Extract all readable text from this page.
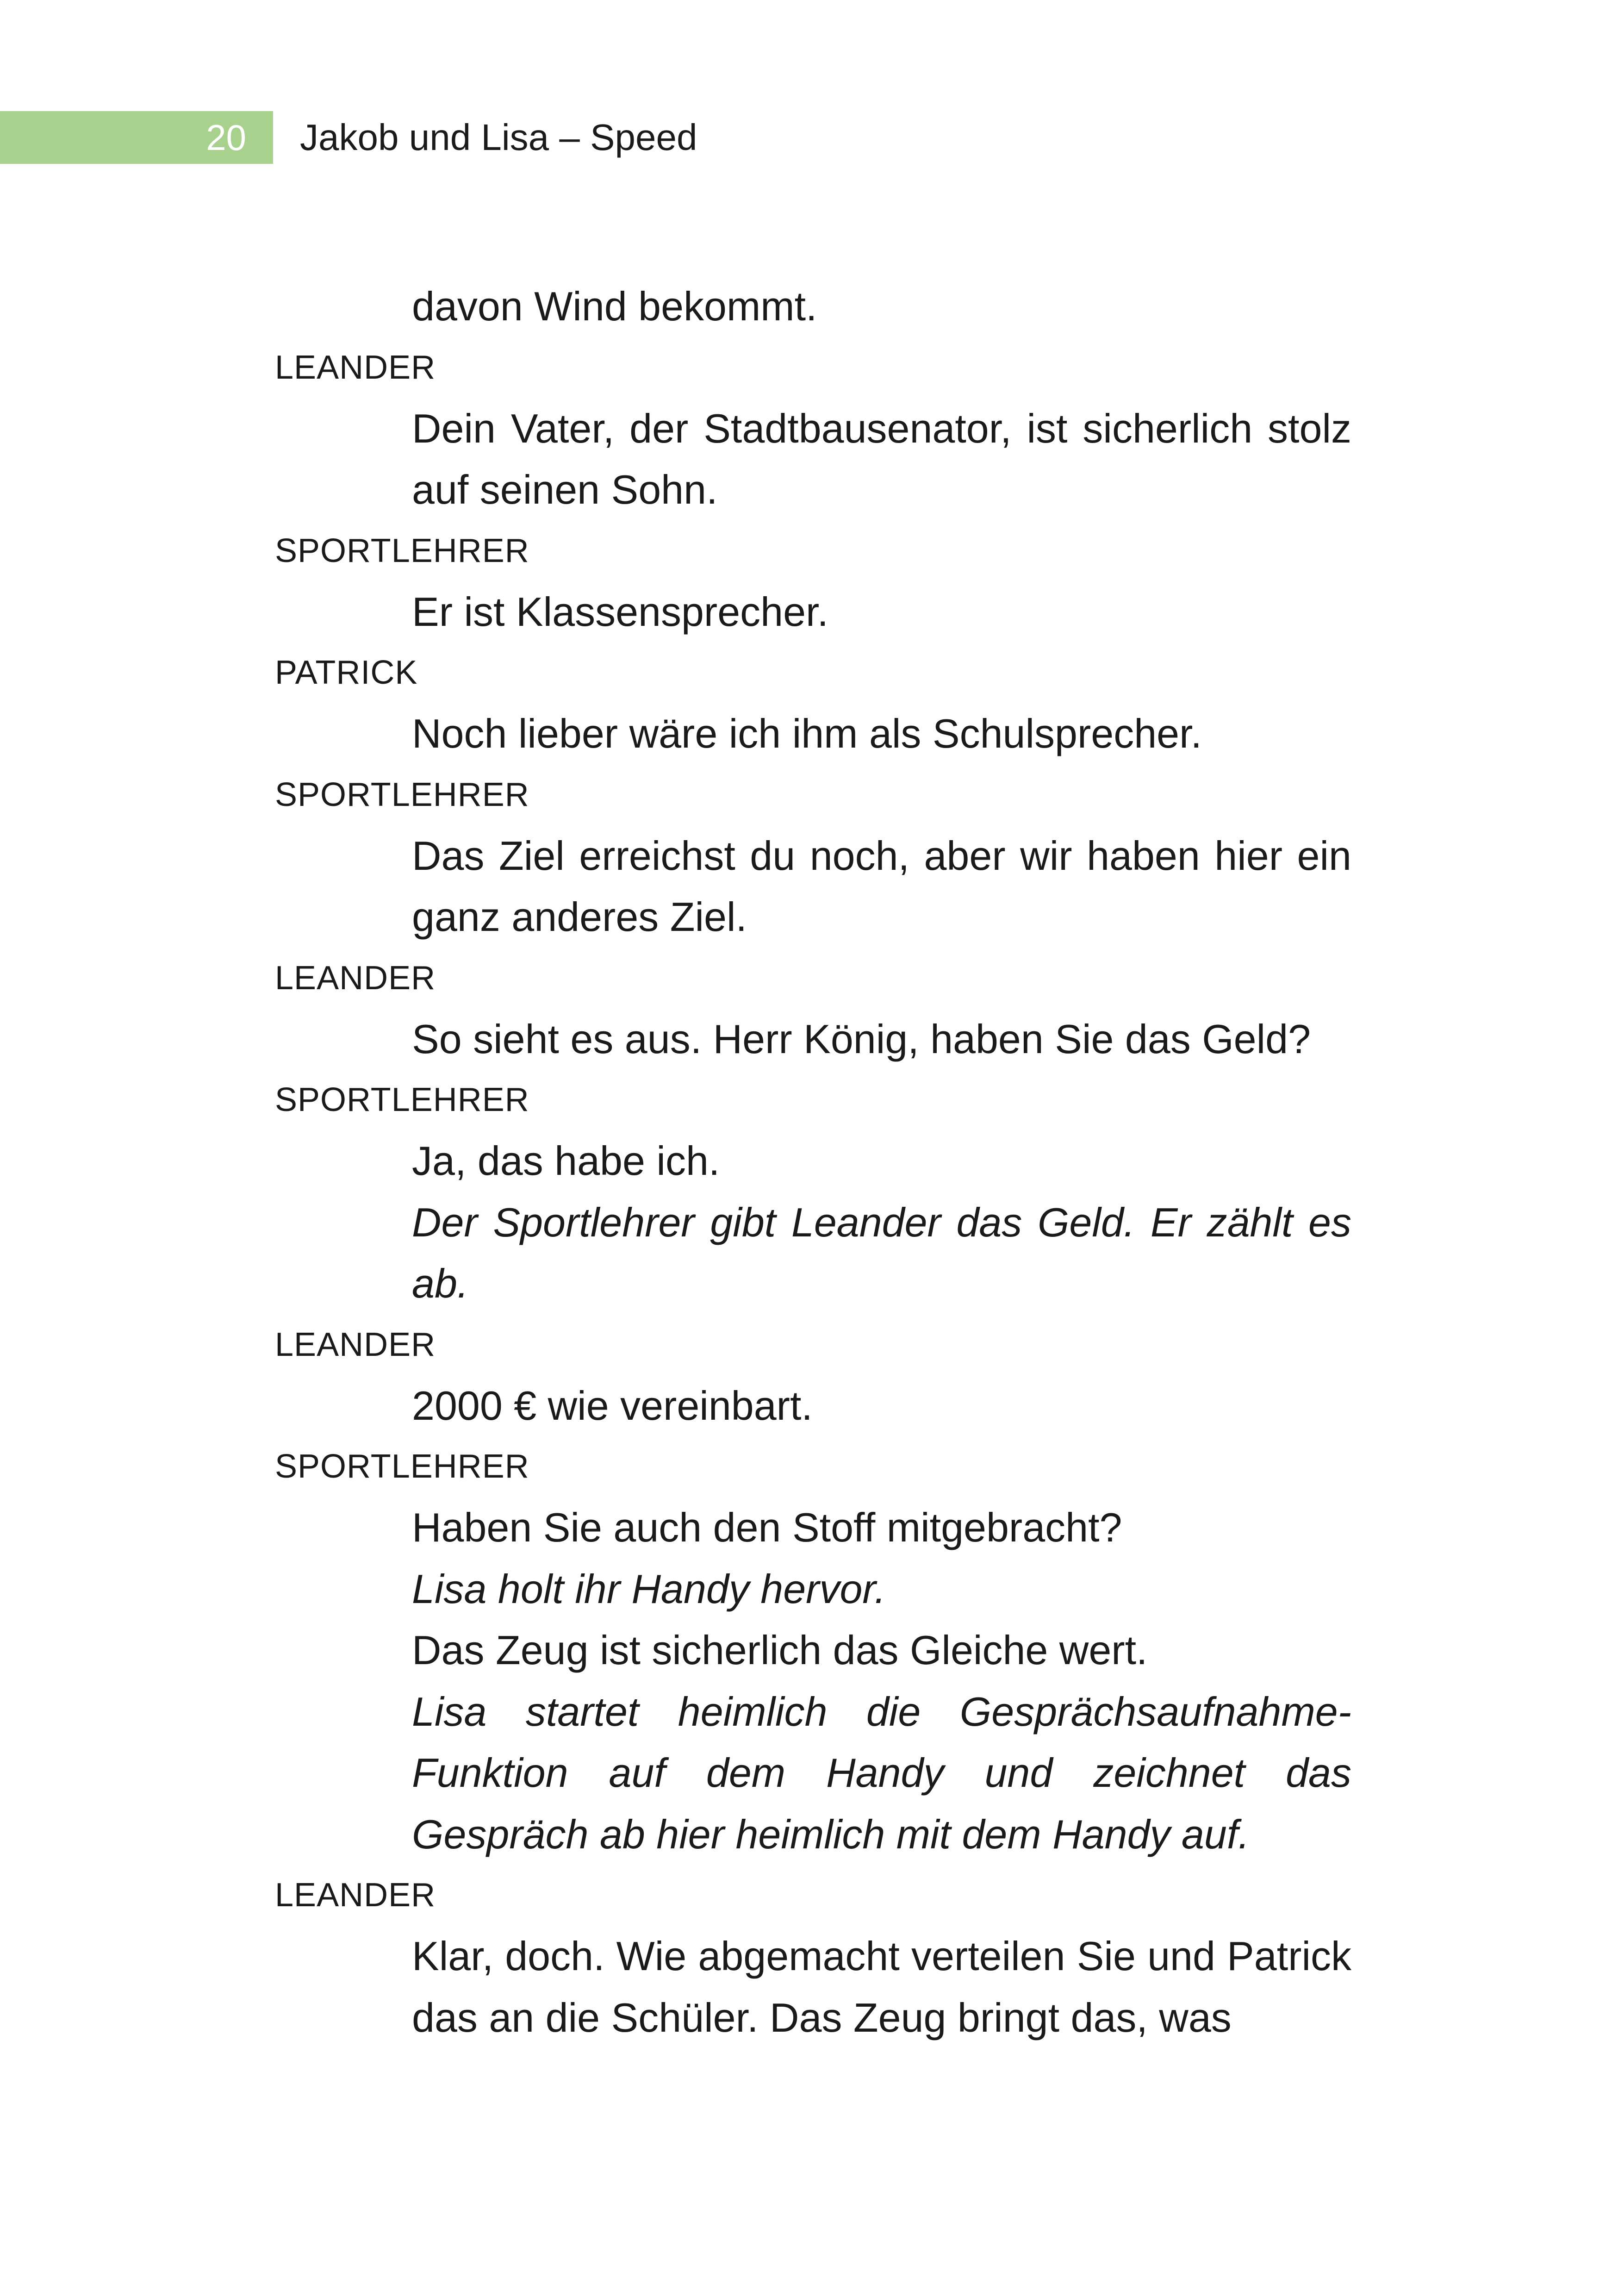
20	Jakob und Lisa – Speed
davon Wind bekommt.
LEANDER
Dein Vater, der Stadtbausenator, ist sicherlich stolz auf seinen Sohn.
SPORTLEHRER
Er ist Klassensprecher.
PATRICK
Noch lieber wäre ich ihm als Schulsprecher.
SPORTLEHRER
Das Ziel erreichst du noch, aber wir haben hier ein ganz anderes Ziel.
LEANDER
So sieht es aus. Herr König, haben Sie das Geld?
SPORTLEHRER
Ja, das habe ich.
Der Sportlehrer gibt Leander das Geld. Er zählt es ab.
LEANDER
2000 € wie vereinbart.
SPORTLEHRER
Haben Sie auch den Stoff mitgebracht?
Lisa holt ihr Handy hervor.
Das Zeug ist sicherlich das Gleiche wert.
Lisa startet heimlich die Gesprächsaufnahme-Funktion auf dem Handy und zeichnet das Gespräch ab hier heimlich mit dem Handy auf.
LEANDER
Klar, doch. Wie abgemacht verteilen Sie und Patrick das an die Schüler. Das Zeug bringt das, was
